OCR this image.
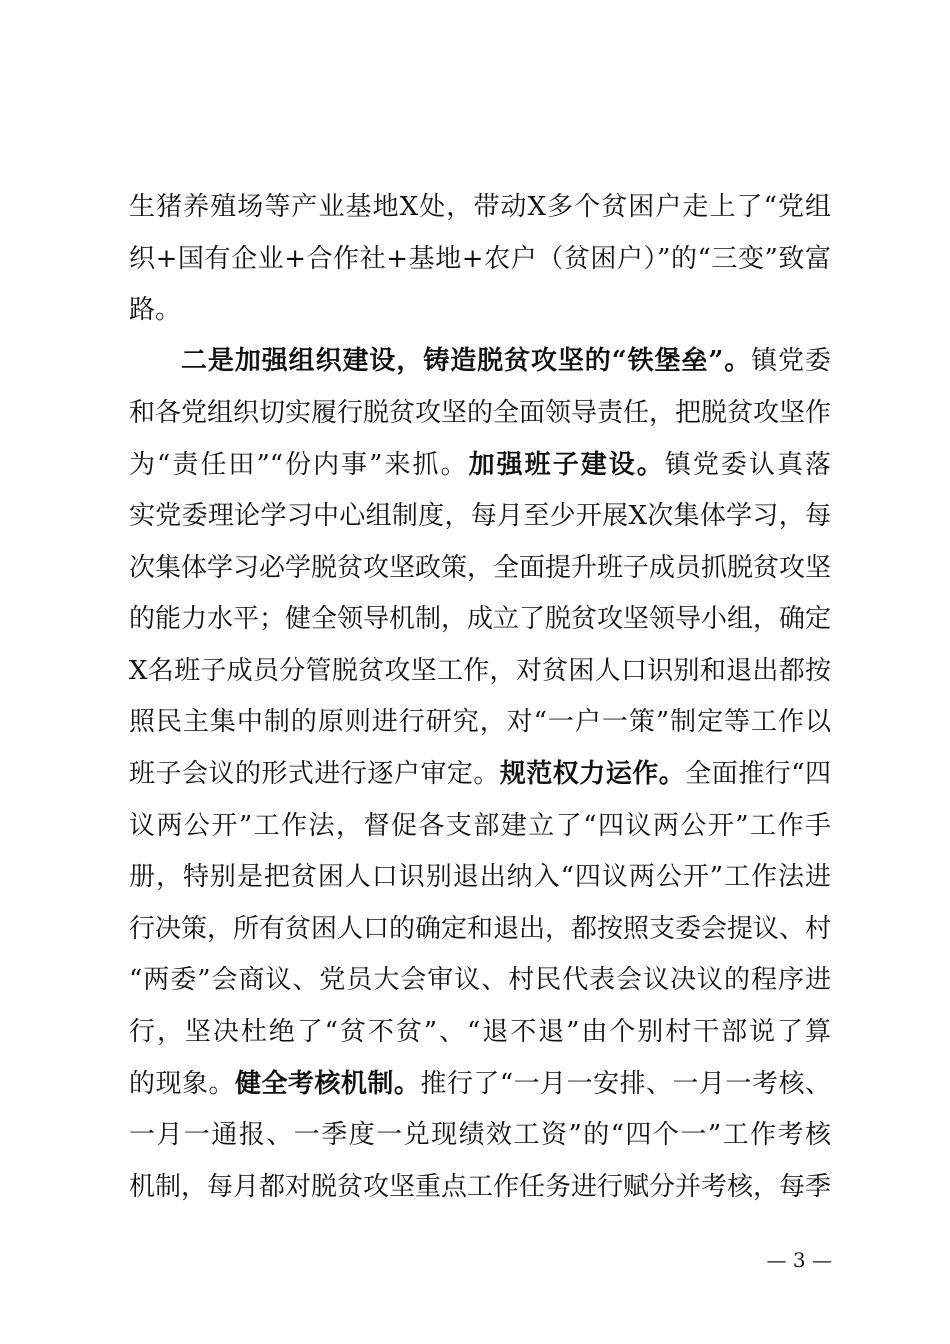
生猪养殖场等产业基地X处，带动X多个贫困户走上了“党组
织+国有企业+合作社+基地+农户（贫困户）”的“三变”致富
路。
二是加强组织建设，铸造脱贫攻坚的“铁堡垒”。镇党委
和各党组织切实履行脱贫攻坚的全面领导责任，把脱贫攻坚作
为“责任田”“份内事”来抓。加强班子建设。镇党委认真落
实党委理论学习中心组制度，每月至少开展X次集体学习，每
次集体学习必学脱贫攻坚政策，全面提升班子成员抓脱贫攻坚
的能力水平；健全领导机制，成立了脱贫攻坚领导小组，确定
X名班子成员分管脱贫攻坚工作，对贫困人口识别和退出都按
照民主集中制的原则进行研究，对“一户一策”制定等工作以
班子会议的形式进行逐户审定。规范权力运作。全面推行“四
议两公开”工作法，督促各支部建立了“四议两公开”工作手
册，特别是把贫困人口识别退出纳入“四议两公开”工作法进
行决策，所有贫困人口的确定和退出，都按照支委会提议、村
“两委”会商议、党员大会审议、村民代表会议决议的程序进
行，坚决杜绝了“贫不贫”、“退不退”由个别村干部说了算
的现象。健全考核机制。推行了“一月一安排、一月一考核、
一月一通报、一季度一兑现绩效工资”的“四个一”工作考核
机制，每月都对脱贫攻坚重点工作任务进行赋分并考核，每季
— 3 —
